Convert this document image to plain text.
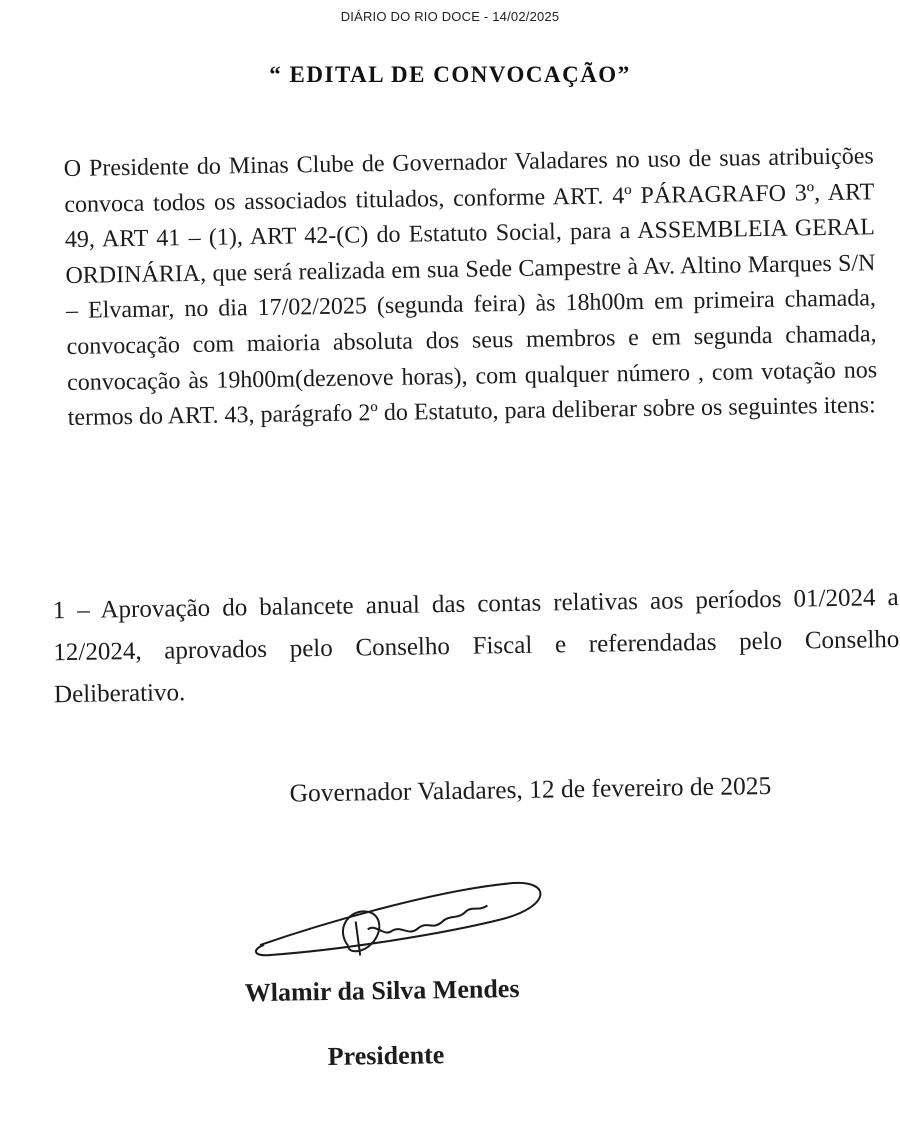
DIÁRIO DO RIO DOCE - 14/02/2025
“ EDITAL DE CONVOCAÇÃO”
O Presidente do Minas Clube de Governador Valadares no uso de suas atribuições convoca todos os associados titulados, conforme ART. 4º PÁRAGRAFO 3º, ART 49, ART 41 – (1), ART 42-(C) do Estatuto Social, para a ASSEMBLEIA GERAL ORDINÁRIA, que será realizada em sua Sede Campestre à Av. Altino Marques S/N – Elvamar, no dia 17/02/2025 (segunda feira) às 18h00m em primeira chamada, convocação com maioria absoluta dos seus membros e em segunda chamada, convocação às 19h00m(dezenove horas), com qualquer número , com votação nos termos do ART. 43, parágrafo 2º do Estatuto, para deliberar sobre os seguintes itens:
1 – Aprovação do balancete anual das contas relativas aos períodos 01/2024 a 12/2024, aprovados pelo Conselho Fiscal e referendadas pelo Conselho Deliberativo.
Governador Valadares, 12 de fevereiro de 2025
Wlamir da Silva Mendes
Presidente
